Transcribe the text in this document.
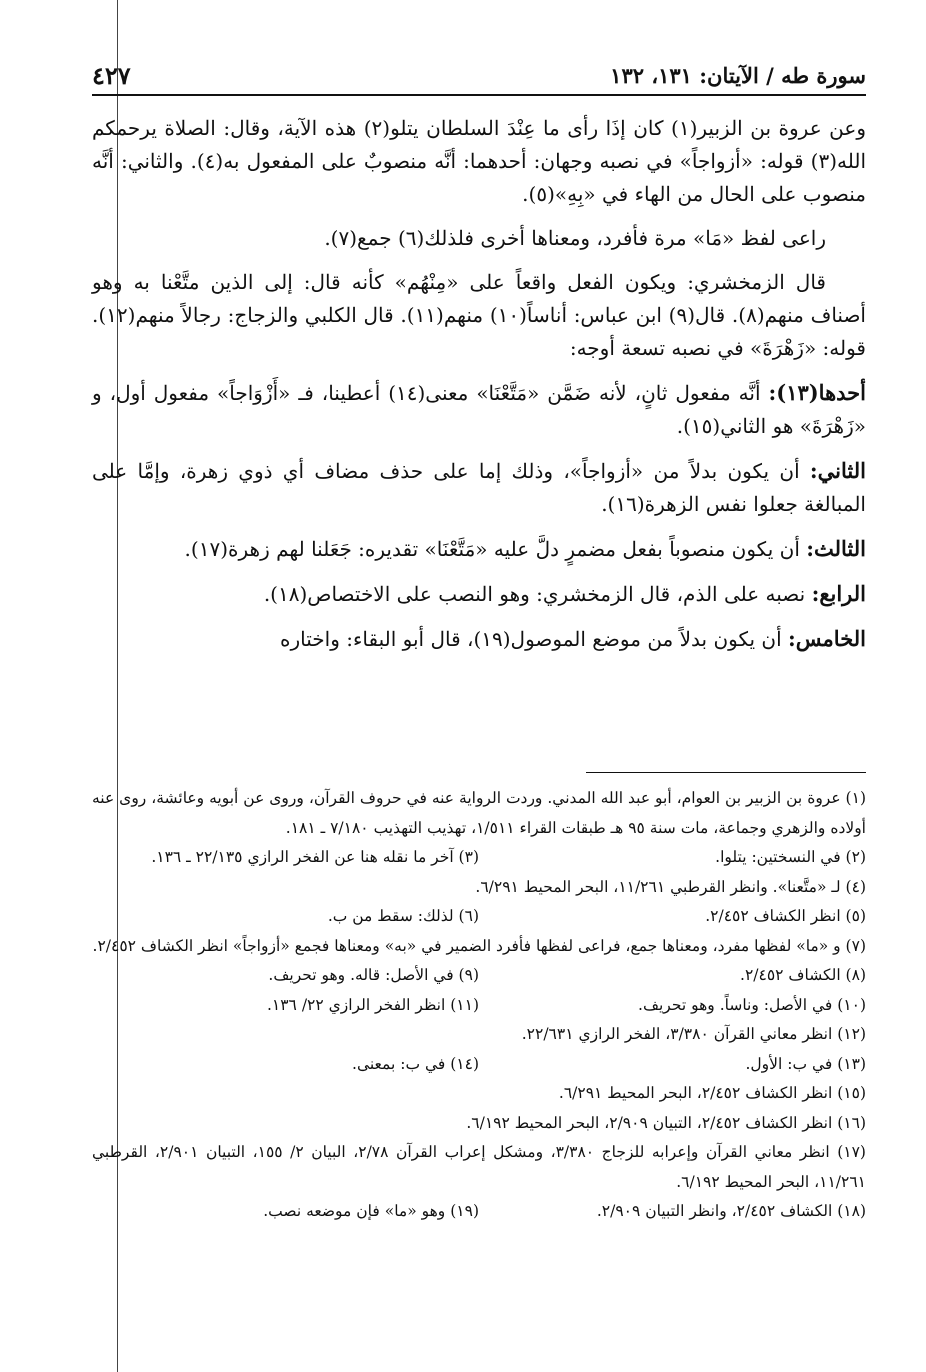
سورة طه / الآيتان: ١٣١، ١٣٢
٤٢٧

وعن عروة بن الزبير(١) كان إذَا رأى ما عِنْدَ السلطان يتلو(٢) هذه الآية، وقال: الصلاة يرحمكم الله(٣) قوله: «أزواجاً» في نصبه وجهان: أحدهما: أنَّه منصوبٌ على المفعول به(٤). والثاني: أنَّه منصوب على الحال من الهاء في «بِهِ»(٥).

راعى لفظ «مَا» مرة فأفرد، ومعناها أخرى فلذلك(٦) جمع(٧).

قال الزمخشري: ويكون الفعل واقعاً على «مِنْهُم» كأنه قال: إلى الذين متَّعْنا به وهو أصناف منهم(٨). قال(٩) ابن عباس: أناساً(١٠) منهم(١١). قال الكلبي والزجاج: رجالاً منهم(١٢). قوله: «زَهْرَةَ» في نصبه تسعة أوجه:

أحدها(١٣): أنَّه مفعول ثانٍ، لأنه ضَمَّن «مَتَّعْنَا» معنى(١٤) أعطينا، فـ «أَزْوَاجاً» مفعول أول، و «زَهْرَةَ» هو الثاني(١٥).

الثاني: أن يكون بدلاً من «أزواجاً»، وذلك إما على حذف مضاف أي ذوي زهرة، وإمَّا على المبالغة جعلوا نفس الزهرة(١٦).

الثالث: أن يكون منصوباً بفعل مضمرٍ دلَّ عليه «مَتَّعْنَا» تقديره: جَعَلنا لهم زهرة(١٧).

الرابع: نصبه على الذم، قال الزمخشري: وهو النصب على الاختصاص(١٨).

الخامس: أن يكون بدلاً من موضع الموصول(١٩)، قال أبو البقاء: واختاره

(١) عروة بن الزبير بن العوام، أبو عبد الله المدني. وردت الرواية عنه في حروف القرآن، وروى عن أبويه وعائشة، روى عنه أولاده والزهري وجماعة، مات سنة ٩٥ هـ طبقات القراء ١/٥١١، تهذيب التهذيب ٧/١٨٠ ـ ١٨١.

(٢) في النسختين: يتلوا.

(٣) آخر ما نقله هنا عن الفخر الرازي ٢٢/١٣٥ ـ ١٣٦.

(٤) لـ «متَّعنا». وانظر القرطبي ١١/٢٦١، البحر المحيط ٦/٢٩١.

(٥) انظر الكشاف ٢/٤٥٢.

(٦) لذلك: سقط من ب.

(٧) و «ما» لفظها مفرد، ومعناها جمع، فراعى لفظها فأفرد الضمير في «به» ومعناها فجمع «أزواجاً» انظر الكشاف ٢/٤٥٢.

(٨) الكشاف ٢/٤٥٢.

(٩) في الأصل: قاله. وهو تحريف.

(١٠) في الأصل: وناساً. وهو تحريف.

(١١) انظر الفخر الرازي ٢٢/ ١٣٦.

(١٢) انظر معاني القرآن ٣/٣٨٠، الفخر الرازي ٢٢/٦٣١.

(١٣) في ب: الأول.

(١٤) في ب: بمعنى.

(١٥) انظر الكشاف ٢/٤٥٢، البحر المحيط ٦/٢٩١.

(١٦) انظر الكشاف ٢/٤٥٢، التبيان ٢/٩٠٩، البحر المحيط ٦/١٩٢.

(١٧) انظر معاني القرآن وإعرابه للزجاج ٣/٣٨٠، ومشكل إعراب القرآن ٢/٧٨، البيان ٢/ ١٥٥، التبيان ٢/٩٠١، القرطبي ١١/٢٦١، البحر المحيط ٦/١٩٢.

(١٨) الكشاف ٢/٤٥٢، وانظر التبيان ٢/٩٠٩.

(١٩) وهو «ما» فإن موضعه نصب.
